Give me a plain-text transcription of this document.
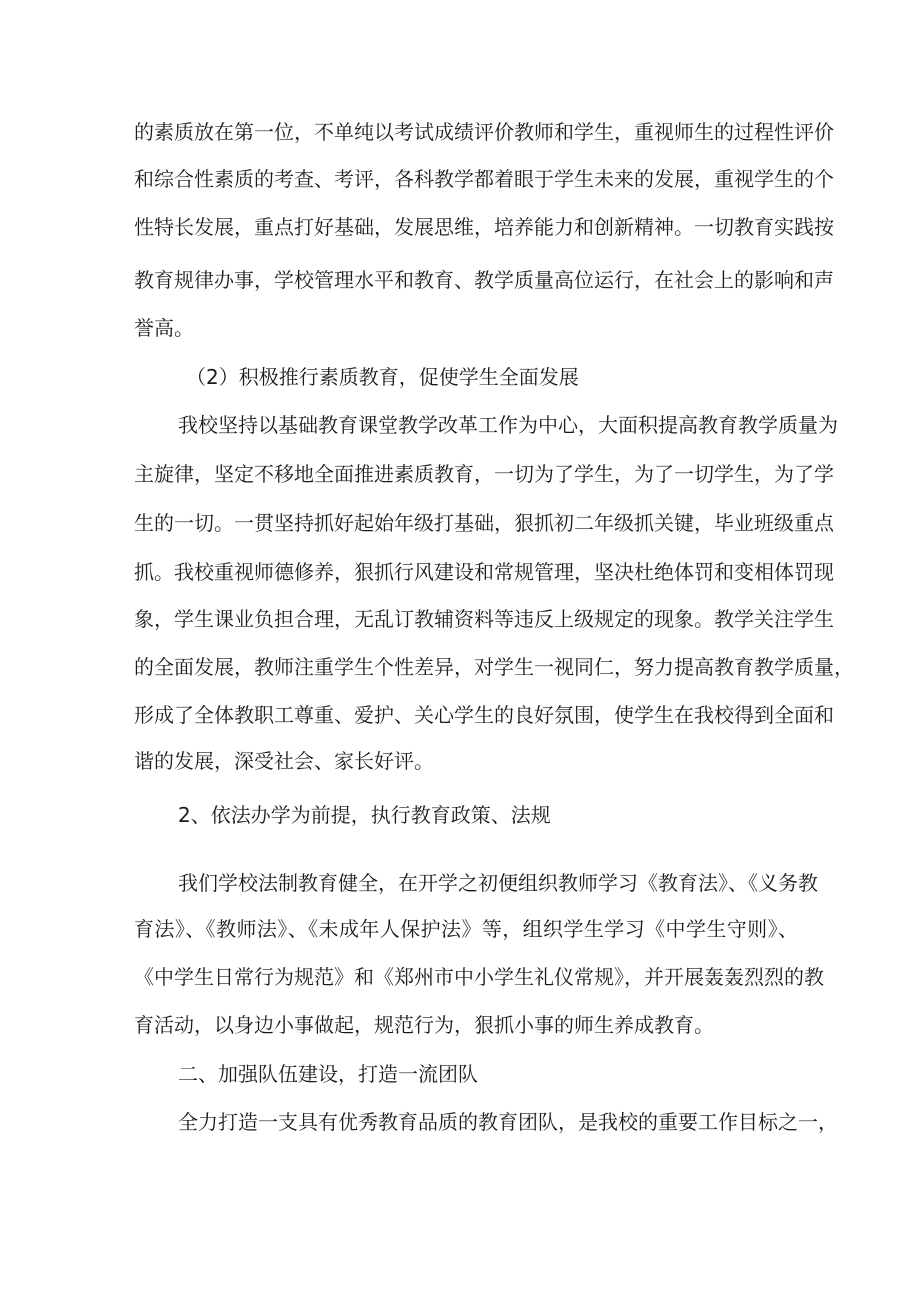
的素质放在第一位，不单纯以考试成绩评价教师和学生，重视师生的过程性评价
和综合性素质的考查、考评，各科教学都着眼于学生未来的发展，重视学生的个
性特长发展，重点打好基础，发展思维，培养能力和创新精神。一切教育实践按
教育规律办事，学校管理水平和教育、教学质量高位运行，在社会上的影响和声
誉高。
（2）积极推行素质教育，促使学生全面发展
我校坚持以基础教育课堂教学改革工作为中心，大面积提高教育教学质量为
主旋律，坚定不移地全面推进素质教育，一切为了学生，为了一切学生，为了学
生的一切。一贯坚持抓好起始年级打基础，狠抓初二年级抓关键，毕业班级重点
抓。我校重视师德修养，狠抓行风建设和常规管理，坚决杜绝体罚和变相体罚现
象，学生课业负担合理，无乱订教辅资料等违反上级规定的现象。教学关注学生
的全面发展，教师注重学生个性差异，对学生一视同仁，努力提高教育教学质量，
形成了全体教职工尊重、爱护、关心学生的良好氛围，使学生在我校得到全面和
谐的发展，深受社会、家长好评。
2、依法办学为前提，执行教育政策、法规
我们学校法制教育健全，在开学之初便组织教师学习《教育法》、《义务教
育法》、《教师法》、《未成年人保护法》等，组织学生学习《中学生守则》、
《中学生日常行为规范》和《郑州市中小学生礼仪常规》，并开展轰轰烈烈的教
育活动，以身边小事做起，规范行为，狠抓小事的师生养成教育。
二、加强队伍建设，打造一流团队
全力打造一支具有优秀教育品质的教育团队，是我校的重要工作目标之一，
